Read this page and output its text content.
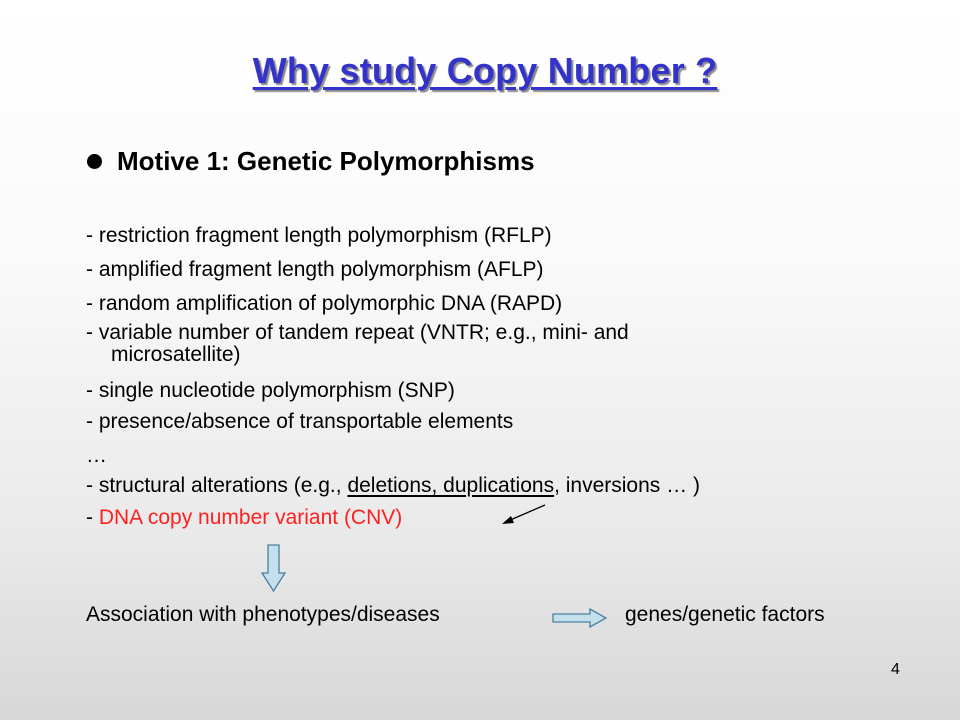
Why study Copy Number ?
Motive 1: Genetic Polymorphisms
- restriction fragment length polymorphism (RFLP)
- amplified fragment length polymorphism (AFLP)
- random amplification of polymorphic DNA (RAPD)
- variable number of tandem repeat (VNTR; e.g., mini- and
microsatellite)
- single nucleotide polymorphism (SNP)
- presence/absence of transportable elements
…
- structural alterations (e.g., deletions, duplications, inversions … )
- DNA copy number variant (CNV)
Association with phenotypes/diseases	genes/genetic factors
4
